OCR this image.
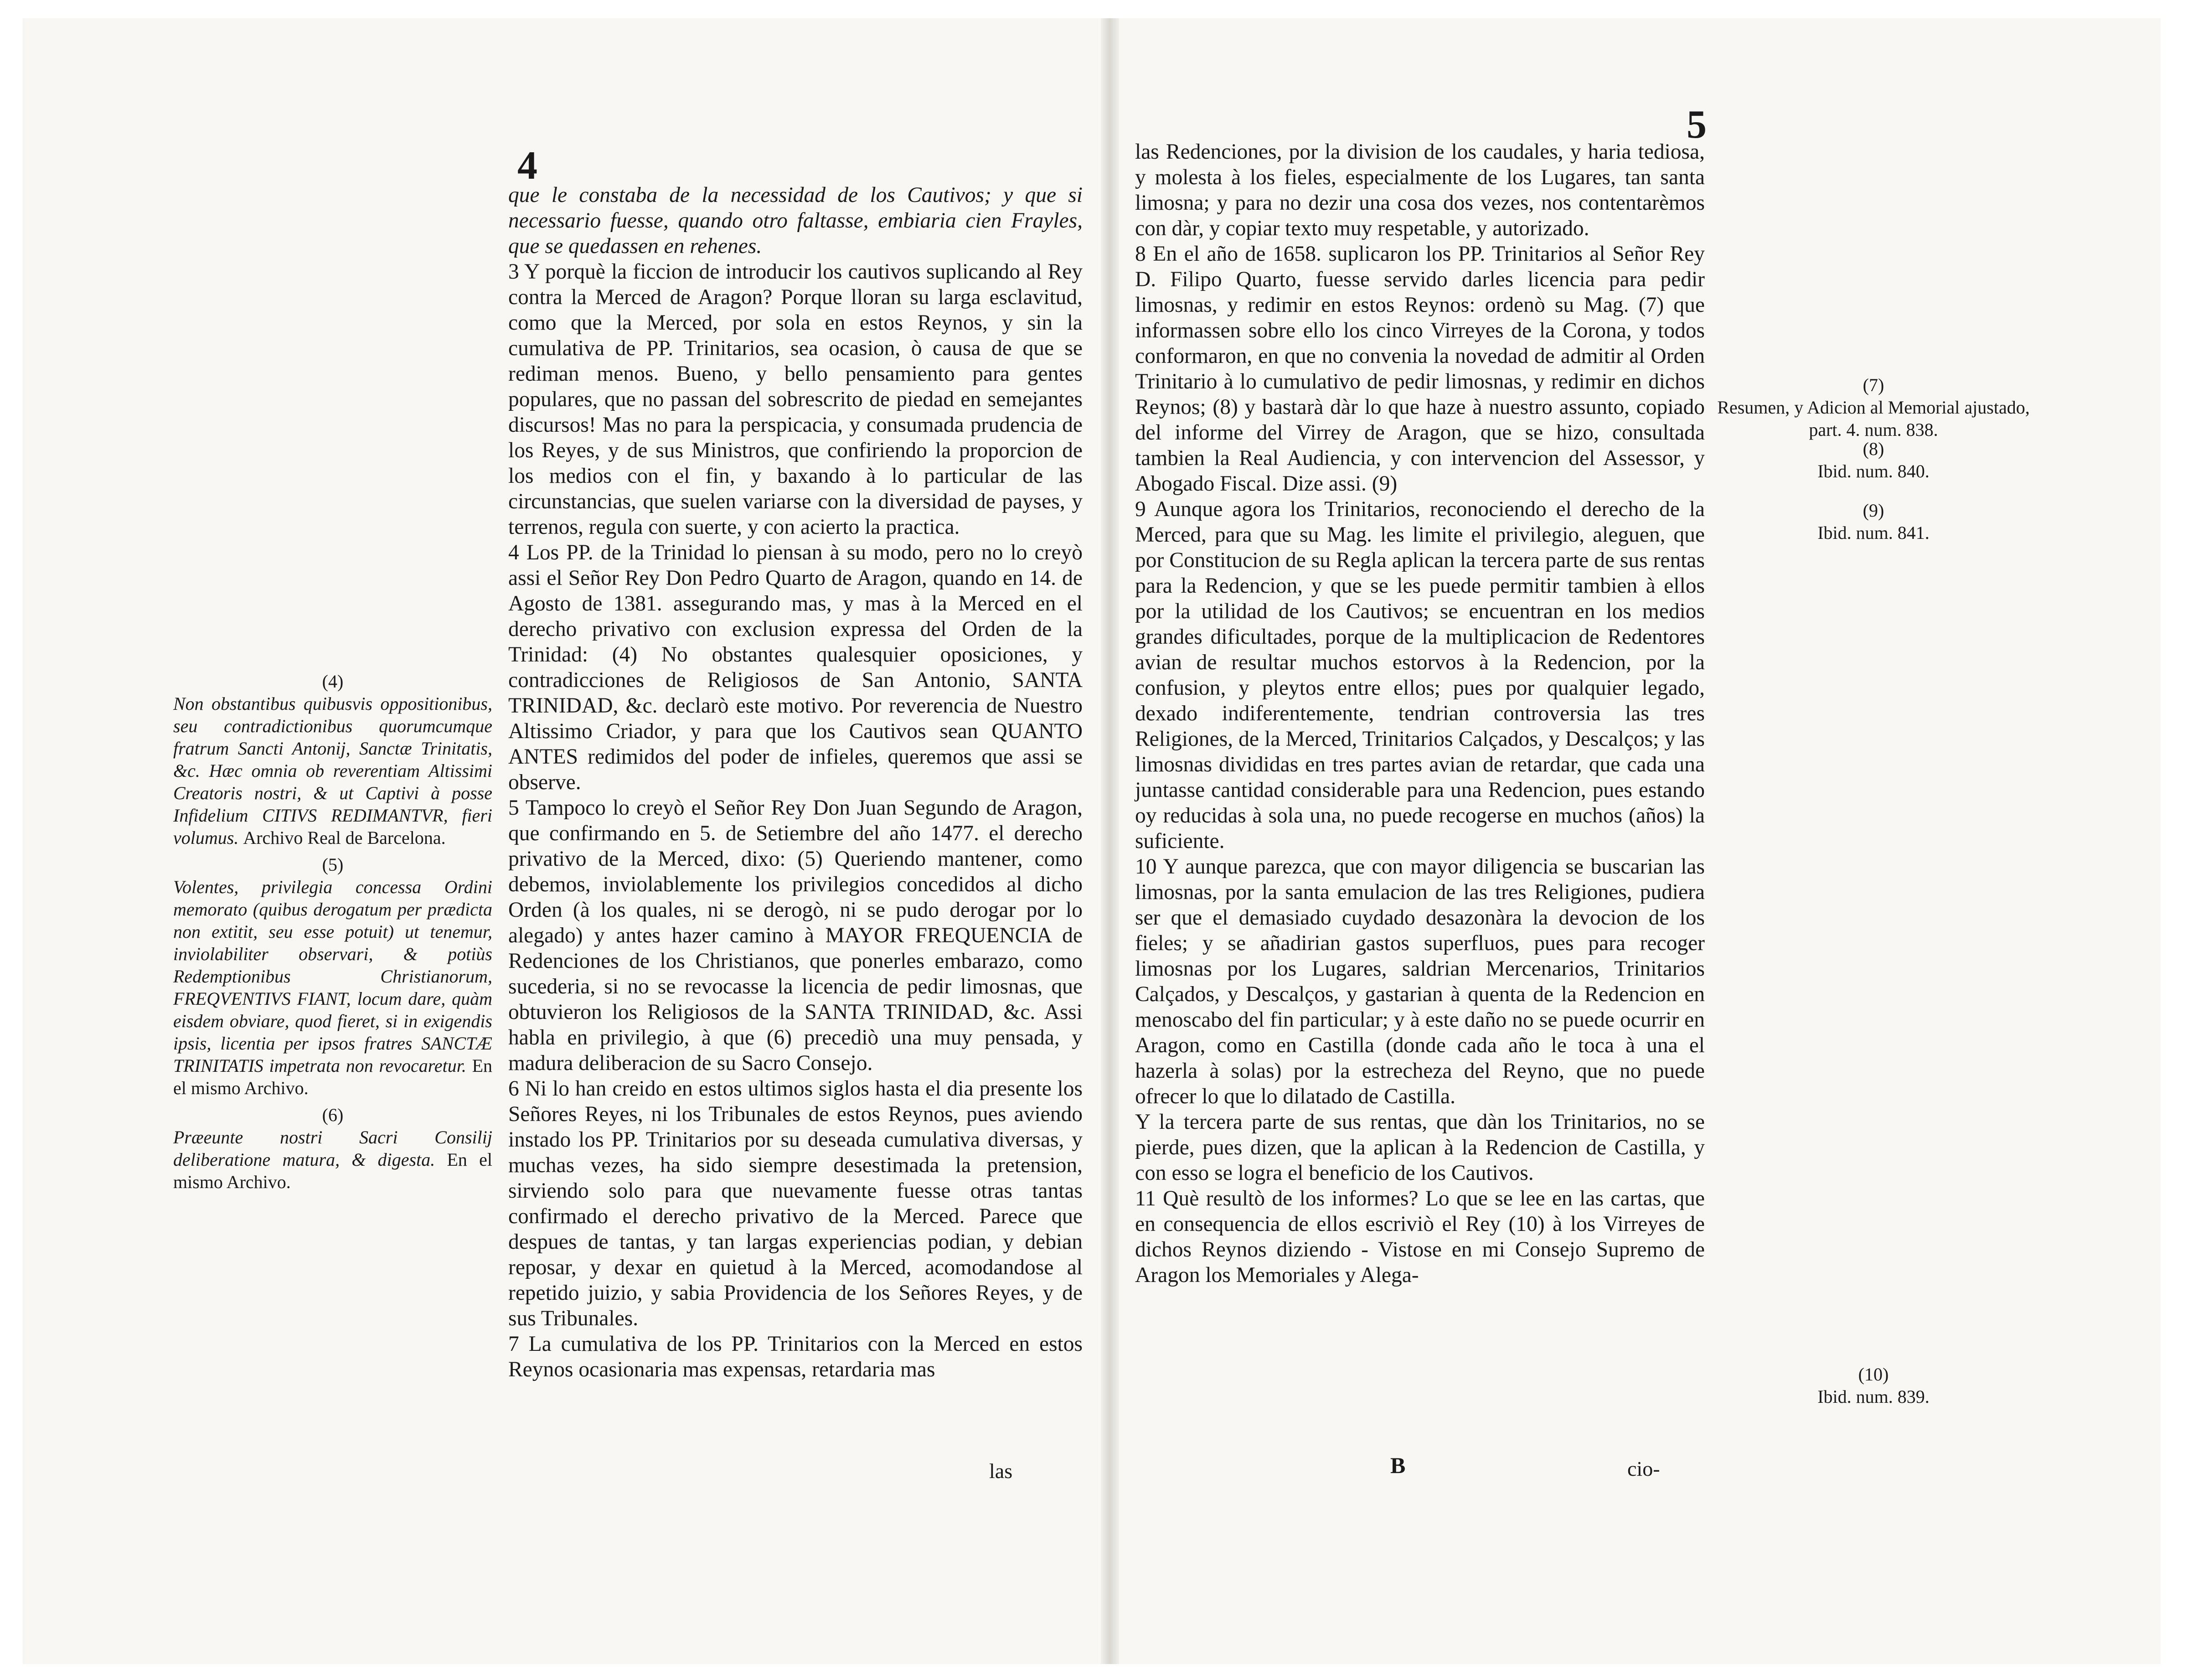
4

que le constaba de la necessidad de los Cautivos; y que si necessario fuesse, quando otro faltasse, embiaria cien Frayles, que se quedassen en rehenes.

3 Y porquè la ficcion de introducir los cautivos suplicando al Rey contra la Merced de Aragon? Porque lloran su larga esclavitud, como que la Merced, por sola en estos Reynos, y sin la cumulativa de PP. Trinitarios, sea ocasion, ò causa de que se rediman menos. Bueno, y bello pensamiento para gentes populares, que no passan del sobrescrito de piedad en semejantes discursos! Mas no para la perspicacia, y consumada prudencia de los Reyes, y de sus Ministros, que confiriendo la proporcion de los medios con el fin, y baxando à lo particular de las circunstancias, que suelen variarse con la diversidad de payses, y terrenos, regula con suerte, y con acierto la practica.

4 Los PP. de la Trinidad lo piensan à su modo, pero no lo creyò assi el Señor Rey Don Pedro Quarto de Aragon, quando en 14. de Agosto de 1381. assegurando mas, y mas à la Merced en el derecho privativo con exclusion expressa del Orden de la Trinidad: (4) No obstantes qualesquier oposiciones, y contradicciones de Religiosos de San Antonio, SANTA TRINIDAD, &c. declarò este motivo. Por reverencia de Nuestro Altissimo Criador, y para que los Cautivos sean QUANTO ANTES redimidos del poder de infieles, queremos que assi se observe.

5 Tampoco lo creyò el Señor Rey Don Juan Segundo de Aragon, que confirmando en 5. de Setiembre del año 1477. el derecho privativo de la Merced, dixo: (5) Queriendo mantener, como debemos, inviolablemente los privilegios concedidos al dicho Orden (à los quales, ni se derogò, ni se pudo derogar por lo alegado) y antes hazer camino à MAYOR FREQUENCIA de Redenciones de los Christianos, que ponerles embarazo, como sucederia, si no se revocasse la licencia de pedir limosnas, que obtuvieron los Religiosos de la SANTA TRINIDAD, &c. Assi habla en privilegio, à que (6) precediò una muy pensada, y madura deliberacion de su Sacro Consejo.

6 Ni lo han creido en estos ultimos siglos hasta el dia presente los Señores Reyes, ni los Tribunales de estos Reynos, pues aviendo instado los PP. Trinitarios por su deseada cumulativa diversas, y muchas vezes, ha sido siempre desestimada la pretension, sirviendo solo para que nuevamente fuesse otras tantas confirmado el derecho privativo de la Merced. Parece que despues de tantas, y tan largas experiencias podian, y debian reposar, y dexar en quietud à la Merced, acomodandose al repetido juizio, y sabia Providencia de los Señores Reyes, y de sus Tribunales.

7 La cumulativa de los PP. Trinitarios con la Merced en estos Reynos ocasionaria mas expensas, retardaria mas

las

(4)

Non obstantibus quibusvis oppositionibus, seu contradictionibus quorumcumque fratrum Sancti Antonij, Sanctæ Trinitatis, &c. Hæc omnia ob reverentiam Altissimi Creatoris nostri, & ut Captivi à posse Infidelium CITIVS REDIMANTVR, fieri volumus. Archivo Real de Barcelona.

(5)

Volentes, privilegia concessa Ordini memorato (quibus derogatum per prædicta non extitit, seu esse potuit) ut tenemur, inviolabiliter observari, & potiùs Redemptionibus Christianorum, FREQVENTIVS FIANT, locum dare, quàm eisdem obviare, quod fieret, si in exigendis ipsis, licentia per ipsos fratres SANCTÆ TRINITATIS impetrata non revocaretur. En el mismo Archivo.

(6)

Præeunte nostri Sacri Consilij deliberatione matura, & digesta. En el mismo Archivo.

5

las Redenciones, por la division de los caudales, y haria tediosa, y molesta à los fieles, especialmente de los Lugares, tan santa limosna; y para no dezir una cosa dos vezes, nos contentarèmos con dàr, y copiar texto muy respetable, y autorizado.

8 En el año de 1658. suplicaron los PP. Trinitarios al Señor Rey D. Filipo Quarto, fuesse servido darles licencia para pedir limosnas, y redimir en estos Reynos: ordenò su Mag. (7) que informassen sobre ello los cinco Virreyes de la Corona, y todos conformaron, en que no convenia la novedad de admitir al Orden Trinitario à lo cumulativo de pedir limosnas, y redimir en dichos Reynos; (8) y bastarà dàr lo que haze à nuestro assunto, copiado del informe del Virrey de Aragon, que se hizo, consultada tambien la Real Audiencia, y con intervencion del Assessor, y Abogado Fiscal. Dize assi. (9)

9 Aunque agora los Trinitarios, reconociendo el derecho de la Merced, para que su Mag. les limite el privilegio, aleguen, que por Constitucion de su Regla aplican la tercera parte de sus rentas para la Redencion, y que se les puede permitir tambien à ellos por la utilidad de los Cautivos; se encuentran en los medios grandes dificultades, porque de la multiplicacion de Redentores avian de resultar muchos estorvos à la Redencion, por la confusion, y pleytos entre ellos; pues por qualquier legado, dexado indiferentemente, tendrian controversia las tres Religiones, de la Merced, Trinitarios Calçados, y Descalços; y las limosnas divididas en tres partes avian de retardar, que cada una juntasse cantidad considerable para una Redencion, pues estando oy reducidas à sola una, no puede recogerse en muchos (años) la suficiente.

10 Y aunque parezca, que con mayor diligencia se buscarian las limosnas, por la santa emulacion de las tres Religiones, pudiera ser que el demasiado cuydado desazonàra la devocion de los fieles; y se añadirian gastos superfluos, pues para recoger limosnas por los Lugares, saldrian Mercenarios, Trinitarios Calçados, y Descalços, y gastarian à quenta de la Redencion en menoscabo del fin particular; y à este daño no se puede ocurrir en Aragon, como en Castilla (donde cada año le toca à una el hazerla à solas) por la estrecheza del Reyno, que no puede ofrecer lo que lo dilatado de Castilla.

Y la tercera parte de sus rentas, que dàn los Trinitarios, no se pierde, pues dizen, que la aplican à la Redencion de Castilla, y con esso se logra el beneficio de los Cautivos.

11 Què resultò de los informes? Lo que se lee en las cartas, que en consequencia de ellos escriviò el Rey (10) à los Virreyes de dichos Reynos diziendo - Vistose en mi Consejo Supremo de Aragon los Memoriales y Alega-

B	cio-

(7)

Resumen, y Adicion al Memorial ajustado, part. 4. num. 838.

(8)

Ibid. num. 840.

(9)

Ibid. num. 841.

(10)

Ibid. num. 839.
